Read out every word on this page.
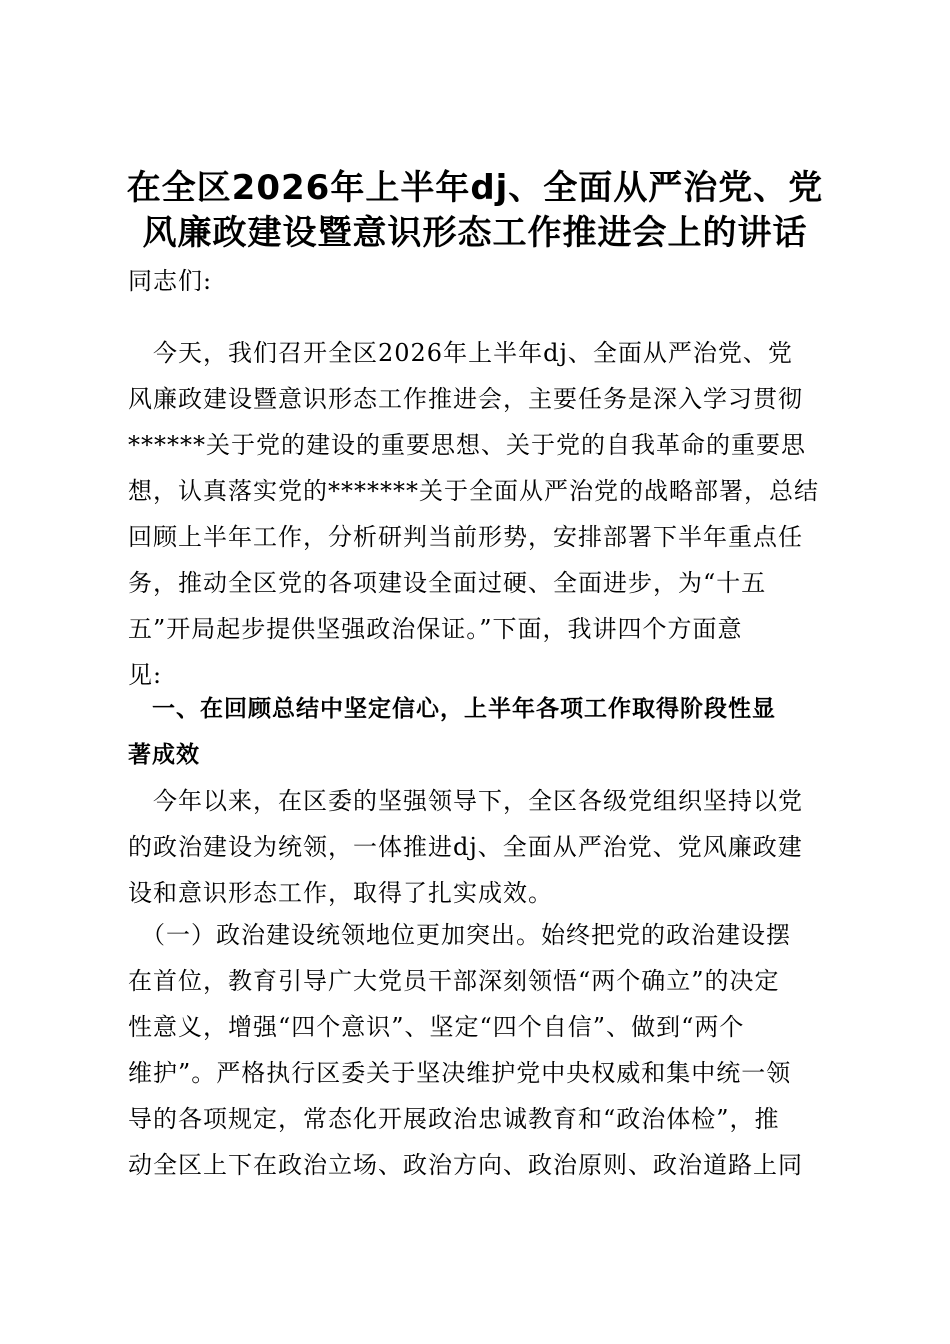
在全区2026年上半年dj、全面从严治党、党
风廉政建设暨意识形态工作推进会上的讲话

同志们:

　今天，我们召开全区2026年上半年dj、全面从严治党、党
风廉政建设暨意识形态工作推进会，主要任务是深入学习贯彻
******关于党的建设的重要思想、关于党的自我革命的重要思
想，认真落实党的*******关于全面从严治党的战略部署，总结
回顾上半年工作，分析研判当前形势，安排部署下半年重点任
务，推动全区党的各项建设全面过硬、全面进步，为“十五
五”开局起步提供坚强政治保证。”下面，我讲四个方面意
见:

　一、在回顾总结中坚定信心，上半年各项工作取得阶段性显
著成效

　今年以来，在区委的坚强领导下，全区各级党组织坚持以党
的政治建设为统领，一体推进dj、全面从严治党、党风廉政建
设和意识形态工作，取得了扎实成效。

　（一）政治建设统领地位更加突出。始终把党的政治建设摆
在首位，教育引导广大党员干部深刻领悟“两个确立”的决定
性意义，增强“四个意识”、坚定“四个自信”、做到“两个
维护”。严格执行区委关于坚决维护党中央权威和集中统一领
导的各项规定，常态化开展政治忠诚教育和“政治体检”，推
动全区上下在政治立场、政治方向、政治原则、政治道路上同
